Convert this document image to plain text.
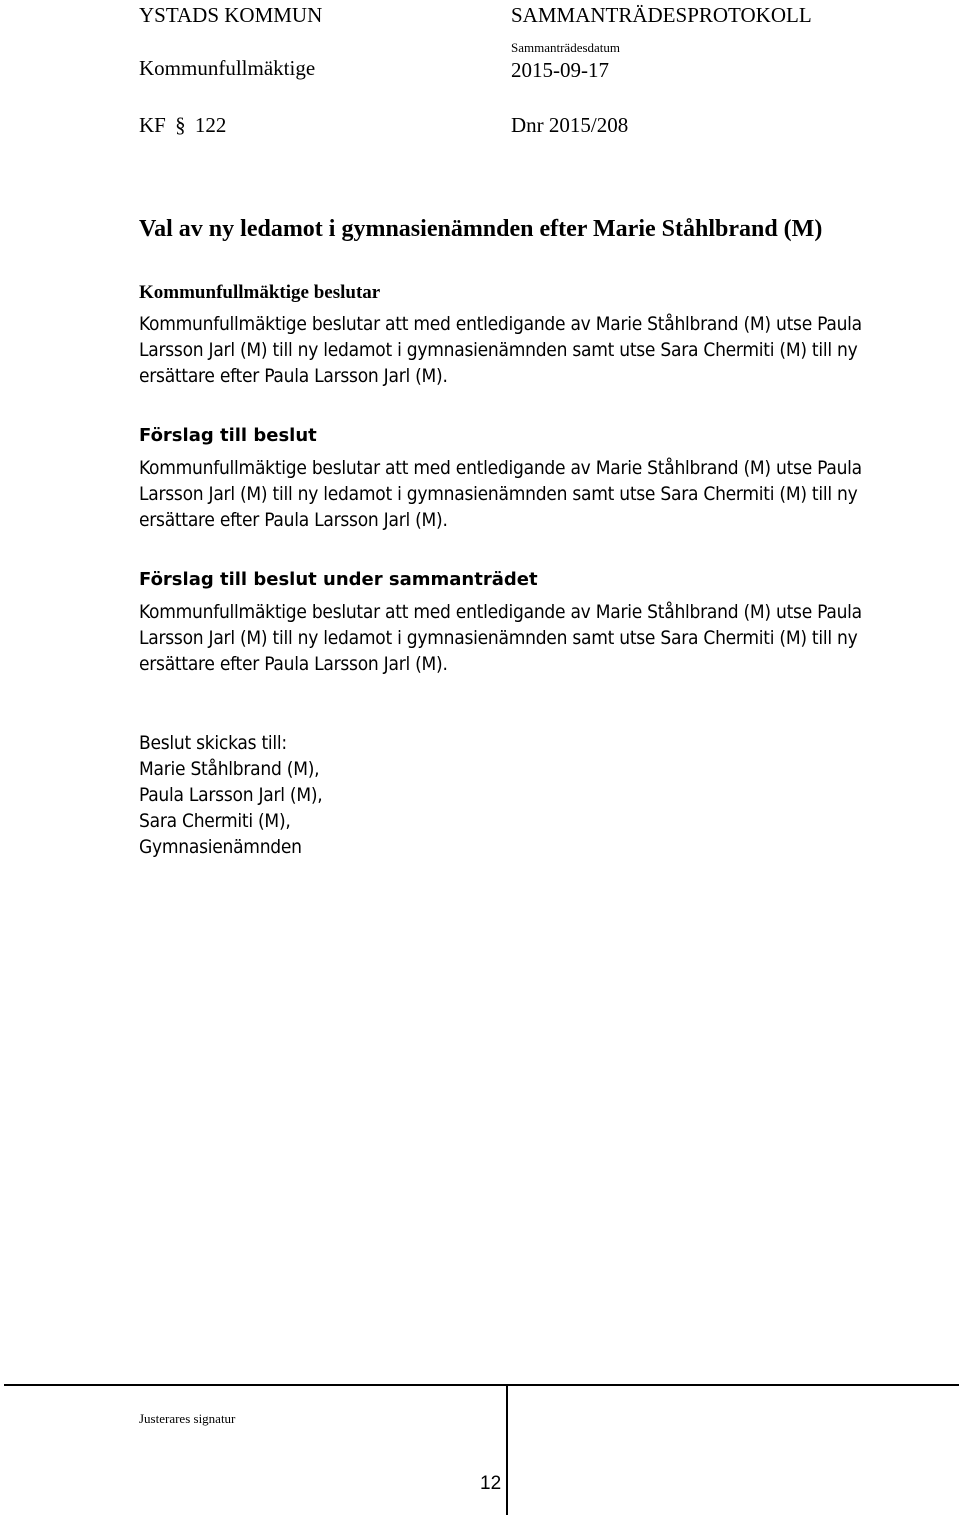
YSTADS KOMMUN	SAMMANTRÄDESPROTOKOLL
Kommunfullmäktige
Sammanträdesdatum
2015-09-17
KF § 122	Dnr 2015/208
Val av ny ledamot i gymnasienämnden efter Marie Ståhlbrand (M)
Kommunfullmäktige beslutar
Kommunfullmäktige beslutar att med entledigande av Marie Ståhlbrand (M) utse Paula
Larsson Jarl (M) till ny ledamot i gymnasienämnden samt utse Sara Chermiti (M) till ny
ersättare efter Paula Larsson Jarl (M).
Förslag till beslut
Kommunfullmäktige beslutar att med entledigande av Marie Ståhlbrand (M) utse Paula
Larsson Jarl (M) till ny ledamot i gymnasienämnden samt utse Sara Chermiti (M) till ny
ersättare efter Paula Larsson Jarl (M).
Förslag till beslut under sammanträdet
Kommunfullmäktige beslutar att med entledigande av Marie Ståhlbrand (M) utse Paula
Larsson Jarl (M) till ny ledamot i gymnasienämnden samt utse Sara Chermiti (M) till ny
ersättare efter Paula Larsson Jarl (M).
Beslut skickas till:
Marie Ståhlbrand (M),
Paula Larsson Jarl (M),
Sara Chermiti (M),
Gymnasienämnden
Justerares signatur
12
